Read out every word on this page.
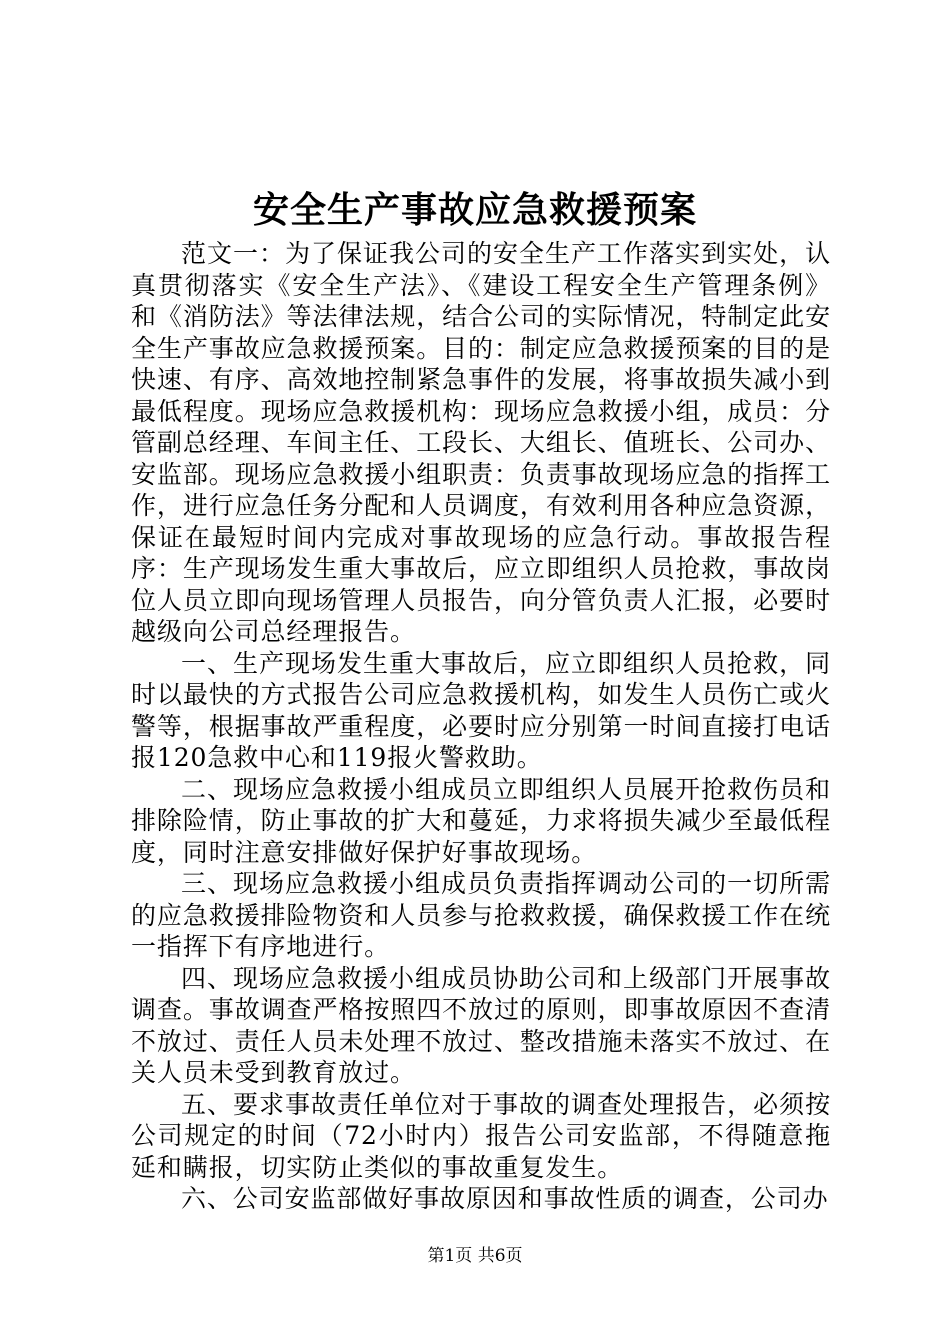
安全生产事故应急救援预案

范文一：为了保证我公司的安全生产工作落实到实处，认真贯彻落实《安全生产法》、《建设工程安全生产管理条例》和《消防法》等法律法规，结合公司的实际情况，特制定此安全生产事故应急救援预案。目的：制定应急救援预案的目的是快速、有序、高效地控制紧急事件的发展，将事故损失减小到最低程度。现场应急救援机构：现场应急救援小组，成员：分管副总经理、车间主任、工段长、大组长、值班长、公司办、安监部。现场应急救援小组职责：负责事故现场应急的指挥工作，进行应急任务分配和人员调度，有效利用各种应急资源，保证在最短时间内完成对事故现场的应急行动。事故报告程序：生产现场发生重大事故后，应立即组织人员抢救，事故岗位人员立即向现场管理人员报告，向分管负责人汇报，必要时越级向公司总经理报告。

一、生产现场发生重大事故后，应立即组织人员抢救，同时以最快的方式报告公司应急救援机构，如发生人员伤亡或火警等，根据事故严重程度，必要时应分别第一时间直接打电话报120急救中心和119报火警救助。

二、现场应急救援小组成员立即组织人员展开抢救伤员和排除险情，防止事故的扩大和蔓延，力求将损失减少至最低程度，同时注意安排做好保护好事故现场。

三、现场应急救援小组成员负责指挥调动公司的一切所需的应急救援排险物资和人员参与抢救救援，确保救援工作在统一指挥下有序地进行。

四、现场应急救援小组成员协助公司和上级部门开展事故调查。事故调查严格按照四不放过的原则，即事故原因不查清不放过、责任人员未处理不放过、整改措施未落实不放过、在关人员未受到教育放过。

五、要求事故责任单位对于事故的调查处理报告，必须按公司规定的时间（72小时内）报告公司安监部，不得随意拖延和瞒报，切实防止类似的事故重复发生。

六、公司安监部做好事故原因和事故性质的调查，公司办

第1页 共6页
